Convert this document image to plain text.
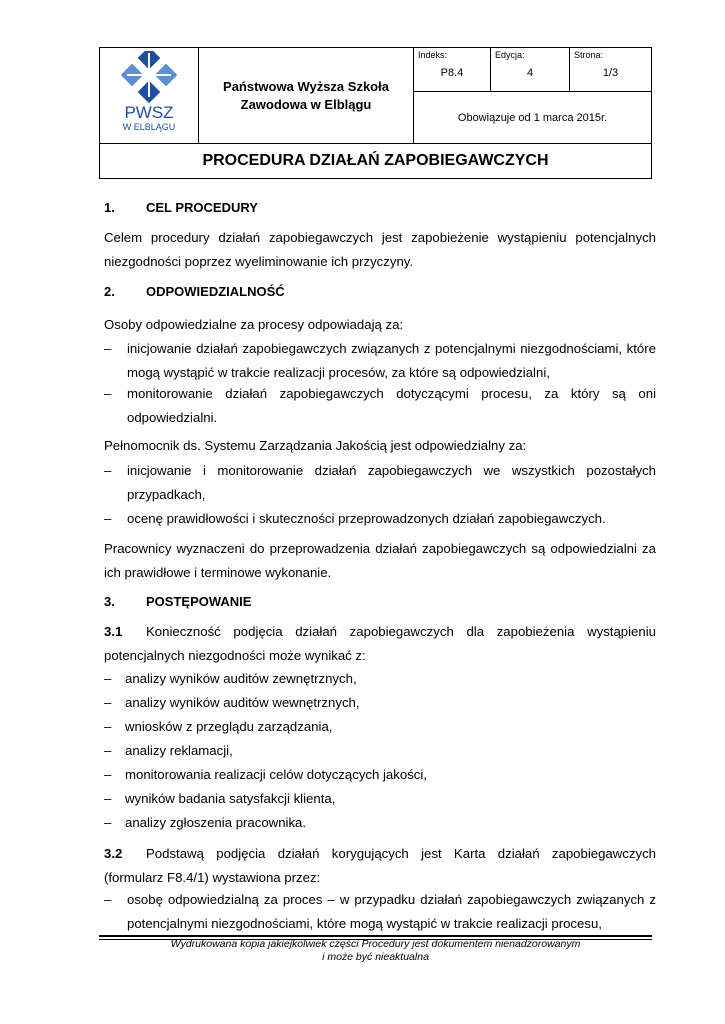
PWSZ
W ELBLĄGU

Państwowa Wyższa Szkoła
Zawodowa w Elblągu

Indeks:
P8.4

Edycja:
4

Strona:
1/3

Obowiązuje od 1 marca 2015r.
PROCEDURA DZIAŁAŃ ZAPOBIEGAWCZYCH
1. CEL PROCEDURY
Celem procedury działań zapobiegawczych jest zapobieżenie wystąpieniu potencjalnych niezgodności poprzez wyeliminowanie ich przyczyny.
2. ODPOWIEDZIALNOŚĆ
Osoby odpowiedzialne za procesy odpowiadają za:
– inicjowanie działań zapobiegawczych związanych z potencjalnymi niezgodnościami, które mogą wystąpić w trakcie realizacji procesów, za które są odpowiedzialni,
– monitorowanie działań zapobiegawczych dotyczącymi procesu, za który są oni odpowiedzialni.
Pełnomocnik ds. Systemu Zarządzania Jakością jest odpowiedzialny za:
– inicjowanie i monitorowanie działań zapobiegawczych we wszystkich pozostałych przypadkach,
– ocenę prawidłowości i skuteczności przeprowadzonych działań zapobiegawczych.
Pracownicy wyznaczeni do przeprowadzenia działań zapobiegawczych są odpowiedzialni za ich prawidłowe i terminowe wykonanie.
3. POSTĘPOWANIE
3.1 Konieczność podjęcia działań zapobiegawczych dla zapobieżenia wystąpieniu potencjalnych niezgodności może wynikać z:
– analizy wyników auditów zewnętrznych,
– analizy wyników auditów wewnętrznych,
– wniosków z przeglądu zarządzania,
– analizy reklamacji,
– monitorowania realizacji celów dotyczących jakości,
– wyników badania satysfakcji klienta,
– analizy zgłoszenia pracownika.
3.2 Podstawą podjęcia działań korygujących jest Karta działań zapobiegawczych (formularz F8.4/1) wystawiona przez:
– osobę odpowiedzialną za proces – w przypadku działań zapobiegawczych związanych z potencjalnymi niezgodnościami, które mogą wystąpić w trakcie realizacji procesu,
Wydrukowana kopia jakiejkolwiek części Procedury jest dokumentem nienadzorowanym
i może być nieaktualna
